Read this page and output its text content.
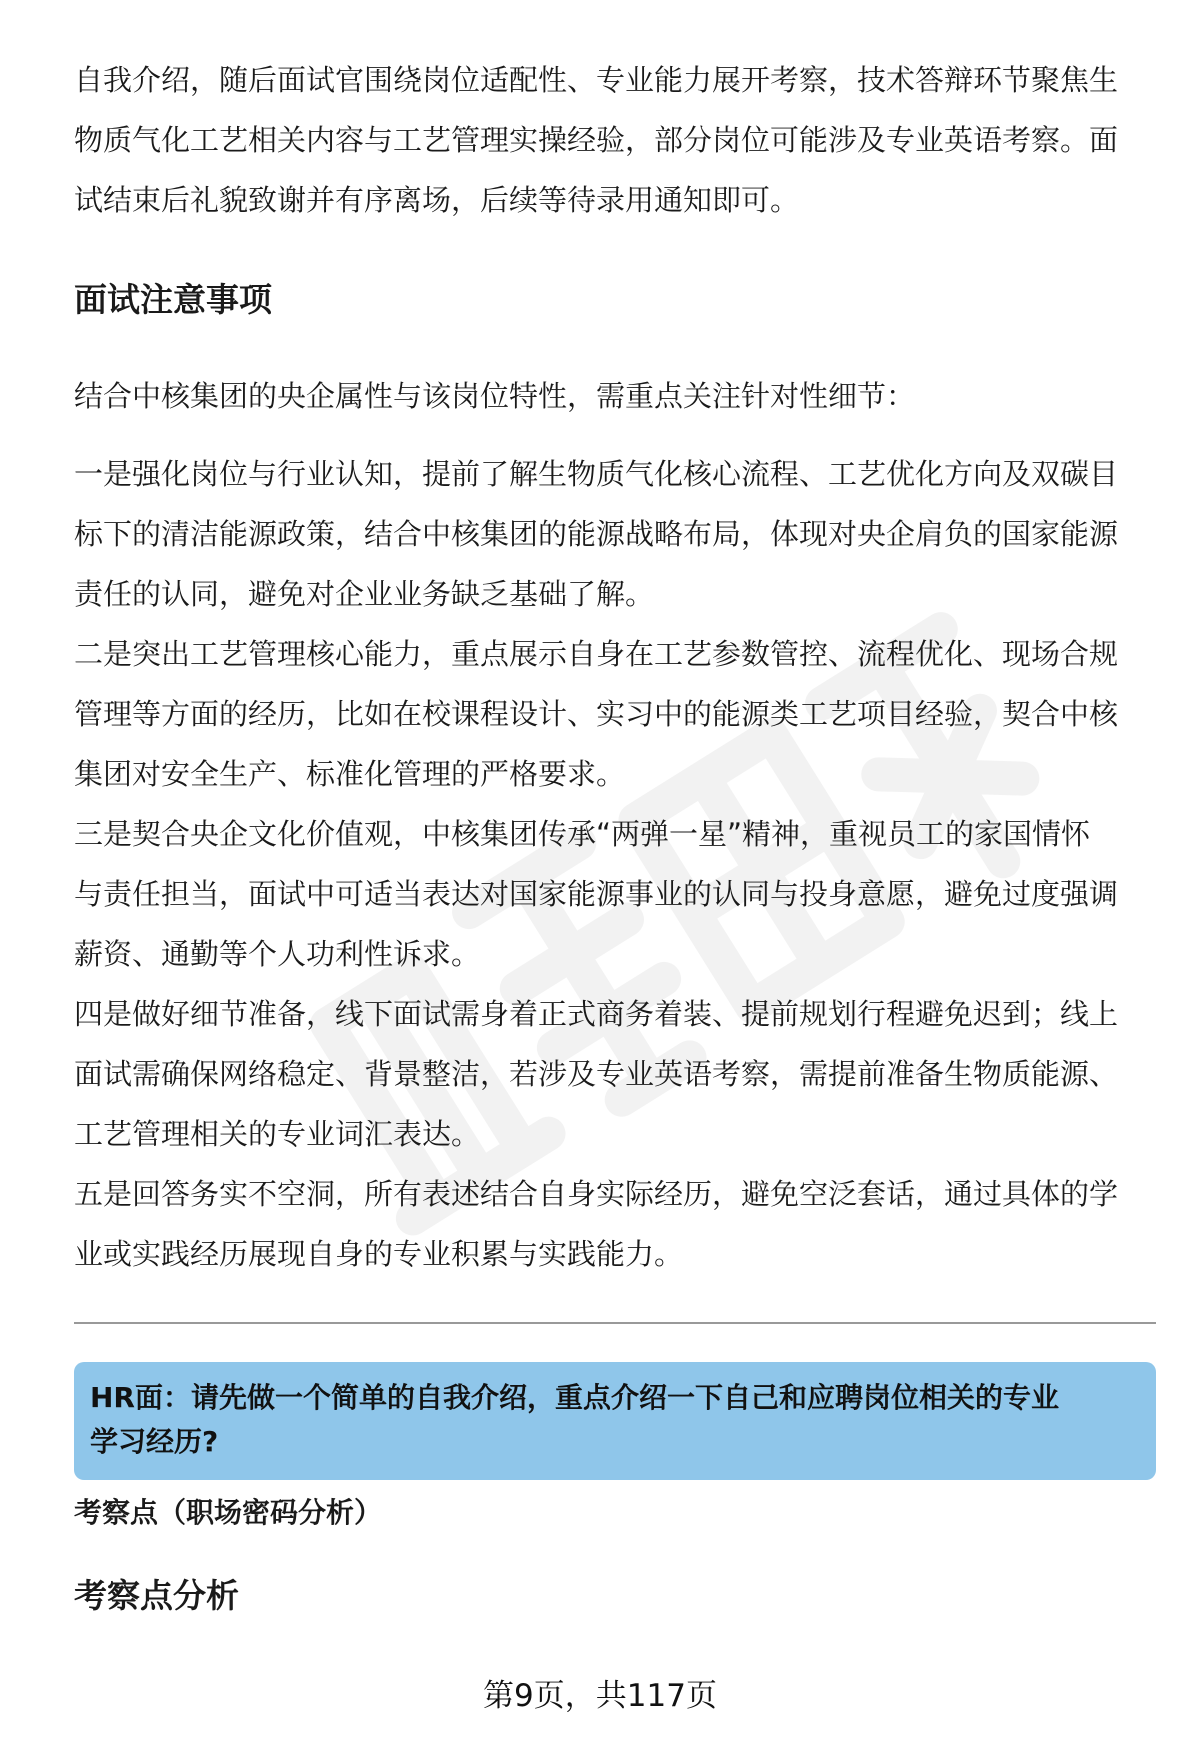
自我介绍，随后面试官围绕岗位适配性、专业能力展开考察，技术答辩环节聚焦生

物质气化工艺相关内容与工艺管理实操经验，部分岗位可能涉及专业英语考察。面

试结束后礼貌致谢并有序离场，后续等待录用通知即可。

面试注意事项

结合中核集团的央企属性与该岗位特性，需重点关注针对性细节：

一是强化岗位与行业认知，提前了解生物质气化核心流程、工艺优化方向及双碳目

标下的清洁能源政策，结合中核集团的能源战略布局，体现对央企肩负的国家能源

责任的认同，避免对企业业务缺乏基础了解。

二是突出工艺管理核心能力，重点展示自身在工艺参数管控、流程优化、现场合规

管理等方面的经历，比如在校课程设计、实习中的能源类工艺项目经验，契合中核

集团对安全生产、标准化管理的严格要求。

三是契合央企文化价值观，中核集团传承“两弹一星”精神，重视员工的家国情怀

与责任担当，面试中可适当表达对国家能源事业的认同与投身意愿，避免过度强调

薪资、通勤等个人功利性诉求。

四是做好细节准备，线下面试需身着正式商务着装、提前规划行程避免迟到；线上

面试需确保网络稳定、背景整洁，若涉及专业英语考察，需提前准备生物质能源、

工艺管理相关的专业词汇表达。

五是回答务实不空洞，所有表述结合自身实际经历，避免空泛套话，通过具体的学

业或实践经历展现自身的专业积累与实践能力。

HR面：请先做一个简单的自我介绍，重点介绍一下自己和应聘岗位相关的专业

学习经历?

考察点（职场密码分析）
考察点分析
第9页，共117页
